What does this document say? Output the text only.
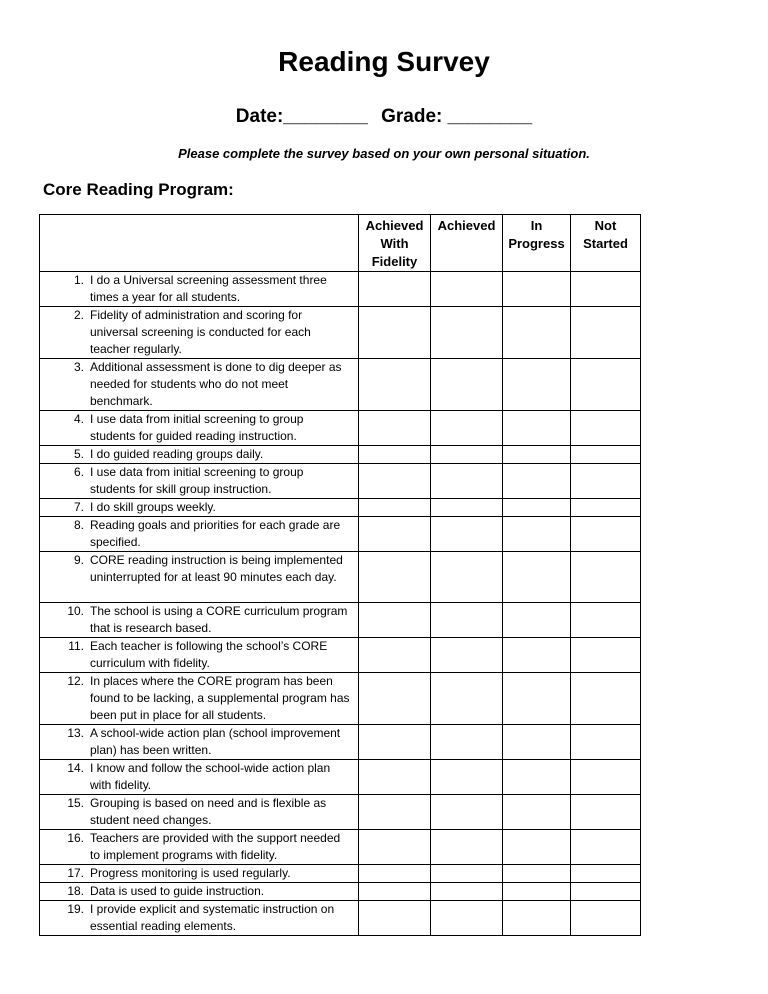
Reading Survey
Date:________ Grade: ________
Please complete the survey based on your own personal situation.
Core Reading Program:
	Achieved With Fidelity	Achieved	In Progress	Not Started

1. I do a Universal screening assessment three times a year for all students.				

2. Fidelity of administration and scoring for universal screening is conducted for each teacher regularly.				

3. Additional assessment is done to dig deeper as needed for students who do not meet benchmark.				

4. I use data from initial screening to group students for guided reading instruction.				

5. I do guided reading groups daily.				

6. I use data from initial screening to group students for skill group instruction.				

7. I do skill groups weekly.				

8. Reading goals and priorities for each grade are specified.				

9. CORE reading instruction is being implemented uninterrupted for at least 90 minutes each day.				

10. The school is using a CORE curriculum program that is research based.				

11. Each teacher is following the school’s CORE curriculum with fidelity.				

12. In places where the CORE program has been found to be lacking, a supplemental program has been put in place for all students.				

13. A school-wide action plan (school improvement plan) has been written.				

14. I know and follow the school-wide action plan with fidelity.				

15. Grouping is based on need and is flexible as student need changes.				

16. Teachers are provided with the support needed to implement programs with fidelity.				

17. Progress monitoring is used regularly.				

18. Data is used to guide instruction.				

19. I provide explicit and systematic instruction on essential reading elements.				
